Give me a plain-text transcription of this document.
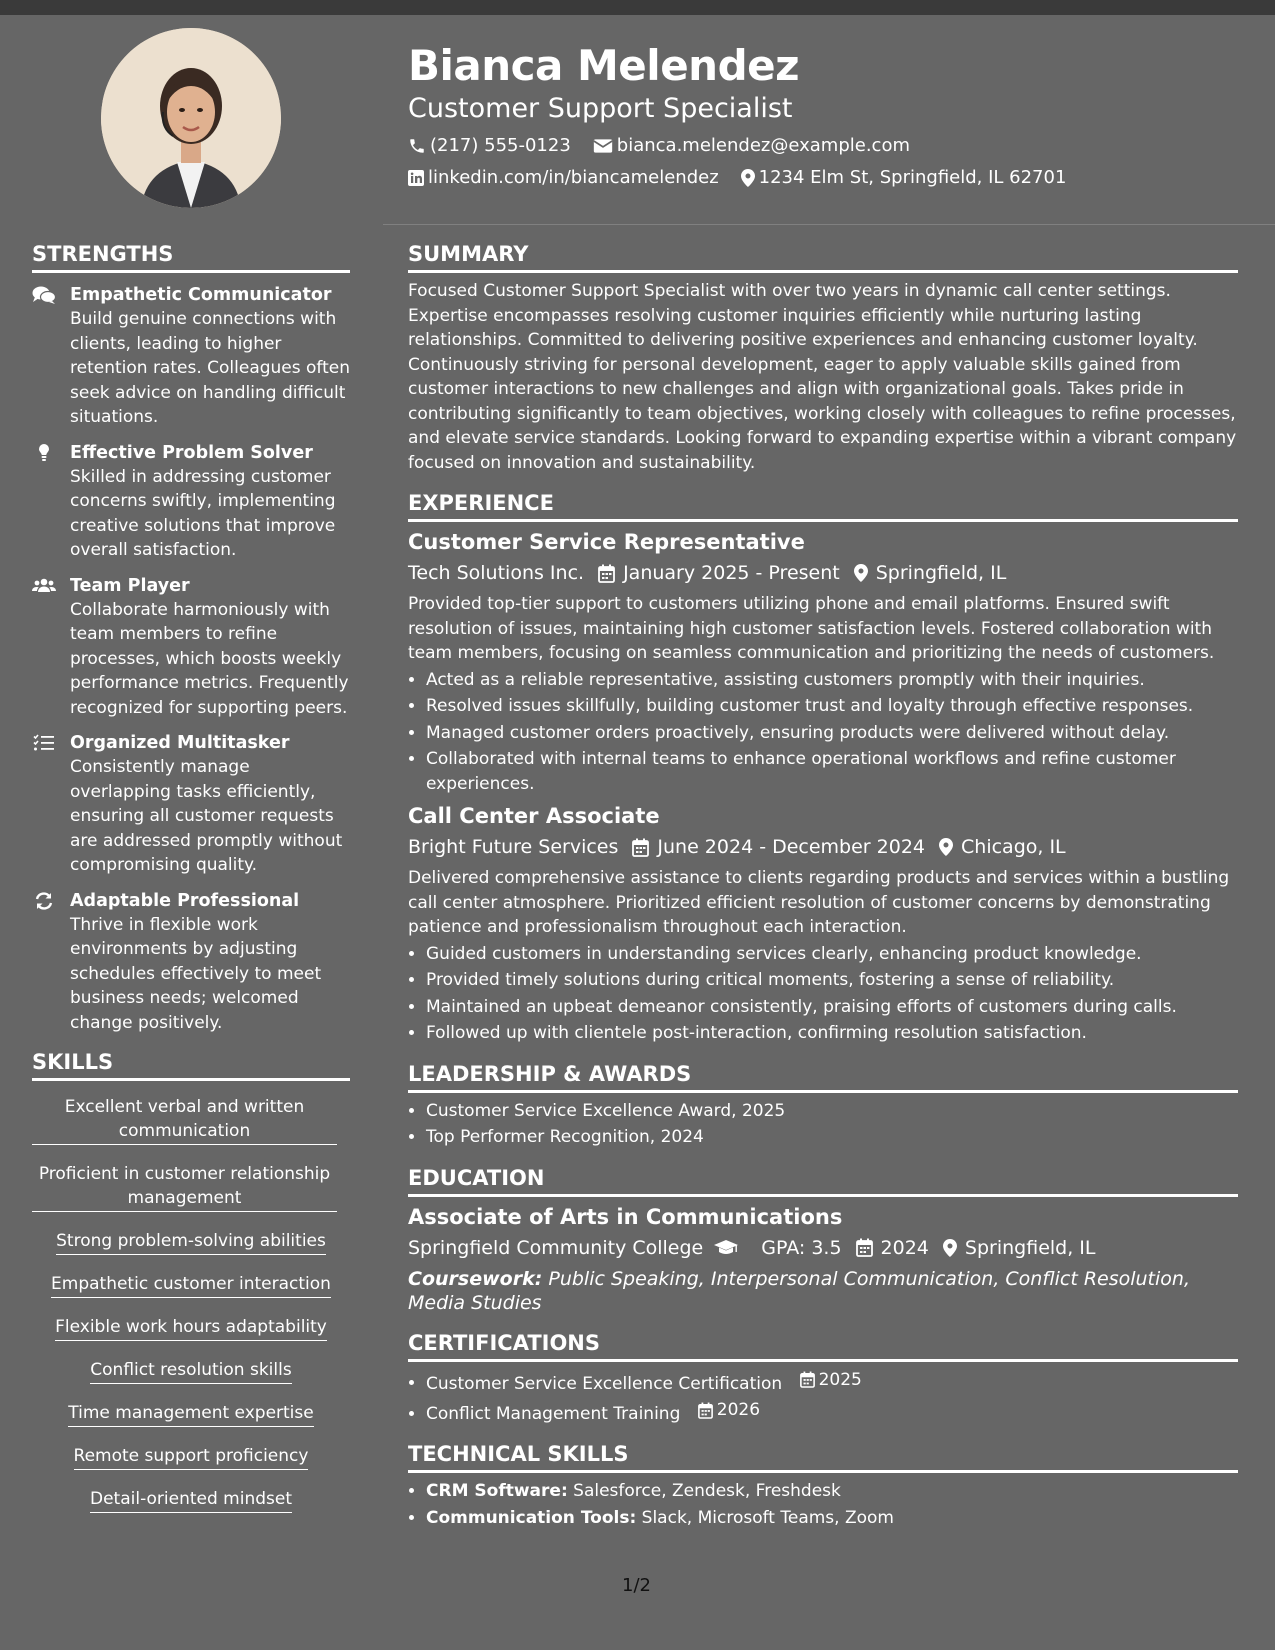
Bianca Melendez
Customer Support Specialist
(217) 555-0123	bianca.melendez@example.com
linkedin.com/in/biancamelendez 1234 Elm St, Springfield, IL 62701
STRENGTHS
Empathetic Communicator
Build genuine connections with clients, leading to higher retention rates. Colleagues often seek advice on handling difficult situations.
Effective Problem Solver
Skilled in addressing customer concerns swiftly, implementing creative solutions that improve overall satisfaction.
Team Player
Collaborate harmoniously with team members to refine processes, which boosts weekly performance metrics. Frequently recognized for supporting peers.
Organized Multitasker
Consistently manage overlapping tasks efficiently, ensuring all customer requests are addressed promptly without compromising quality.
Adaptable Professional
Thrive in flexible work environments by adjusting schedules effectively to meet business needs; welcomed change positively.
SKILLS
Excellent verbal and written communication
Proficient in customer relationship management
Strong problem-solving abilities
Empathetic customer interaction
Flexible work hours adaptability
Conflict resolution skills
Time management expertise
Remote support proficiency
Detail-oriented mindset
SUMMARY

Focused Customer Support Specialist with over two years in dynamic call center settings. Expertise encompasses resolving customer inquiries efficiently while nurturing lasting relationships. Committed to delivering positive experiences and enhancing customer loyalty. Continuously striving for personal development, eager to apply valuable skills gained from customer interactions to new challenges and align with organizational goals. Takes pride in contributing significantly to team objectives, working closely with colleagues to refine processes, and elevate service standards. Looking forward to expanding expertise within a vibrant company focused on innovation and sustainability.

EXPERIENCE
Customer Service Representative
Tech Solutions Inc. January 2025 - Present Springfield, IL

Provided top-tier support to customers utilizing phone and email platforms. Ensured swift resolution of issues, maintaining high customer satisfaction levels. Fostered collaboration with team members, focusing on seamless communication and prioritizing the needs of customers.

• Acted as a reliable representative, assisting customers promptly with their inquiries.
• Resolved issues skillfully, building customer trust and loyalty through effective responses.
• Managed customer orders proactively, ensuring products were delivered without delay.
• Collaborated with internal teams to enhance operational workflows and refine customer experiences.
Call Center Associate
Bright Future Services June 2024 - December 2024 Chicago, IL

Delivered comprehensive assistance to clients regarding products and services within a bustling call center atmosphere. Prioritized efficient resolution of customer concerns by demonstrating patience and professionalism throughout each interaction.

• Guided customers in understanding services clearly, enhancing product knowledge.
• Provided timely solutions during critical moments, fostering a sense of reliability.
• Maintained an upbeat demeanor consistently, praising efforts of customers during calls.
• Followed up with clientele post-interaction, confirming resolution satisfaction.
LEADERSHIP & AWARDS
• Customer Service Excellence Award, 2025
• Top Performer Recognition, 2024
EDUCATION
Associate of Arts in Communications
Springfield Community College	GPA: 3.5 2024 Springfield, IL

Coursework: Public Speaking, Interpersonal Communication, Conflict Resolution, Media Studies

CERTIFICATIONS
• Customer Service Excellence Certification 2025
• Conflict Management Training 2026
TECHNICAL SKILLS
• CRM Software: Salesforce, Zendesk, Freshdesk
• Communication Tools: Slack, Microsoft Teams, Zoom
1/2
